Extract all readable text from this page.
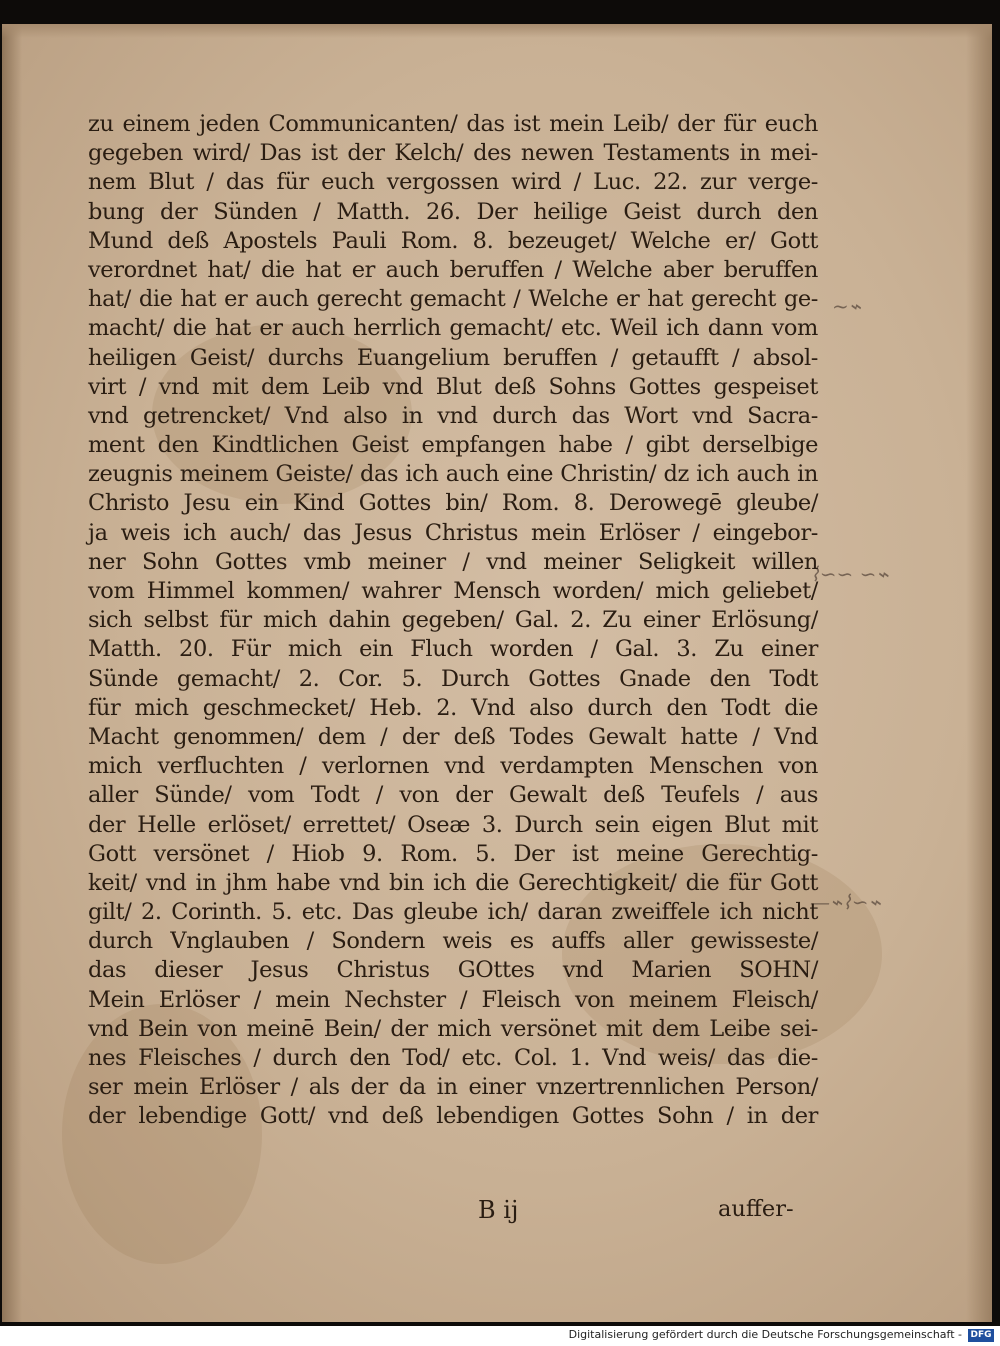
~⌁
⌇∽∽ ∽⌁
—⌁⌇∽⌁
zu einem jeden Communicanten/ das ist mein Leib/ der für euch
gegeben wird/ Das ist der Kelch/ des newen Testaments in mei-
nem Blut / das für euch vergossen wird / Luc. 22. zur verge-
bung der Sünden / Matth. 26. Der heilige Geist durch den
Mund deß Apostels Pauli Rom. 8. bezeuget/ Welche er/ Gott
verordnet hat/ die hat er auch beruffen / Welche aber beruffen
hat/ die hat er auch gerecht gemacht / Welche er hat gerecht ge-
macht/ die hat er auch herrlich gemacht/ etc. Weil ich dann vom
heiligen Geist/ durchs Euangelium beruffen / getaufft / absol-
virt / vnd mit dem Leib vnd Blut deß Sohns Gottes gespeiset
vnd getrencket/ Vnd also in vnd durch das Wort vnd Sacra-
ment den Kindtlichen Geist empfangen habe / gibt derselbige
zeugnis meinem Geiste/ das ich auch eine Christin/ dz ich auch in
Christo Jesu ein Kind Gottes bin/ Rom. 8. Derowegē gleube/
ja weis ich auch/ das Jesus Christus mein Erlöser / eingebor-
ner Sohn Gottes vmb meiner / vnd meiner Seligkeit willen
vom Himmel kommen/ wahrer Mensch worden/ mich geliebet/
sich selbst für mich dahin gegeben/ Gal. 2. Zu einer Erlösung/
Matth. 20. Für mich ein Fluch worden / Gal. 3. Zu einer
Sünde gemacht/ 2. Cor. 5. Durch Gottes Gnade den Todt
für mich geschmecket/ Heb. 2. Vnd also durch den Todt die
Macht genommen/ dem / der deß Todes Gewalt hatte / Vnd
mich verfluchten / verlornen vnd verdampten Menschen von
aller Sünde/ vom Todt / von der Gewalt deß Teufels / aus
der Helle erlöset/ errettet/ Oseæ 3. Durch sein eigen Blut mit
Gott versönet / Hiob 9. Rom. 5. Der ist meine Gerechtig-
keit/ vnd in jhm habe vnd bin ich die Gerechtigkeit/ die für Gott
gilt/ 2. Corinth. 5. etc. Das gleube ich/ daran zweiffele ich nicht
durch Vnglauben / Sondern weis es auffs aller gewisseste/
das dieser Jesus Christus GOttes vnd Marien SOHN/
Mein Erlöser / mein Nechster / Fleisch von meinem Fleisch/
vnd Bein von meinē Bein/ der mich versönet mit dem Leibe sei-
nes Fleisches / durch den Tod/ etc. Col. 1. Vnd weis/ das die-
ser mein Erlöser / als der da in einer vnzertrennlichen Person/
der lebendige Gott/ vnd deß lebendigen Gottes Sohn / in der
B ij	auffer-
Digitalisierung gefördert durch die Deutsche Forschungsgemeinschaft - DFG
